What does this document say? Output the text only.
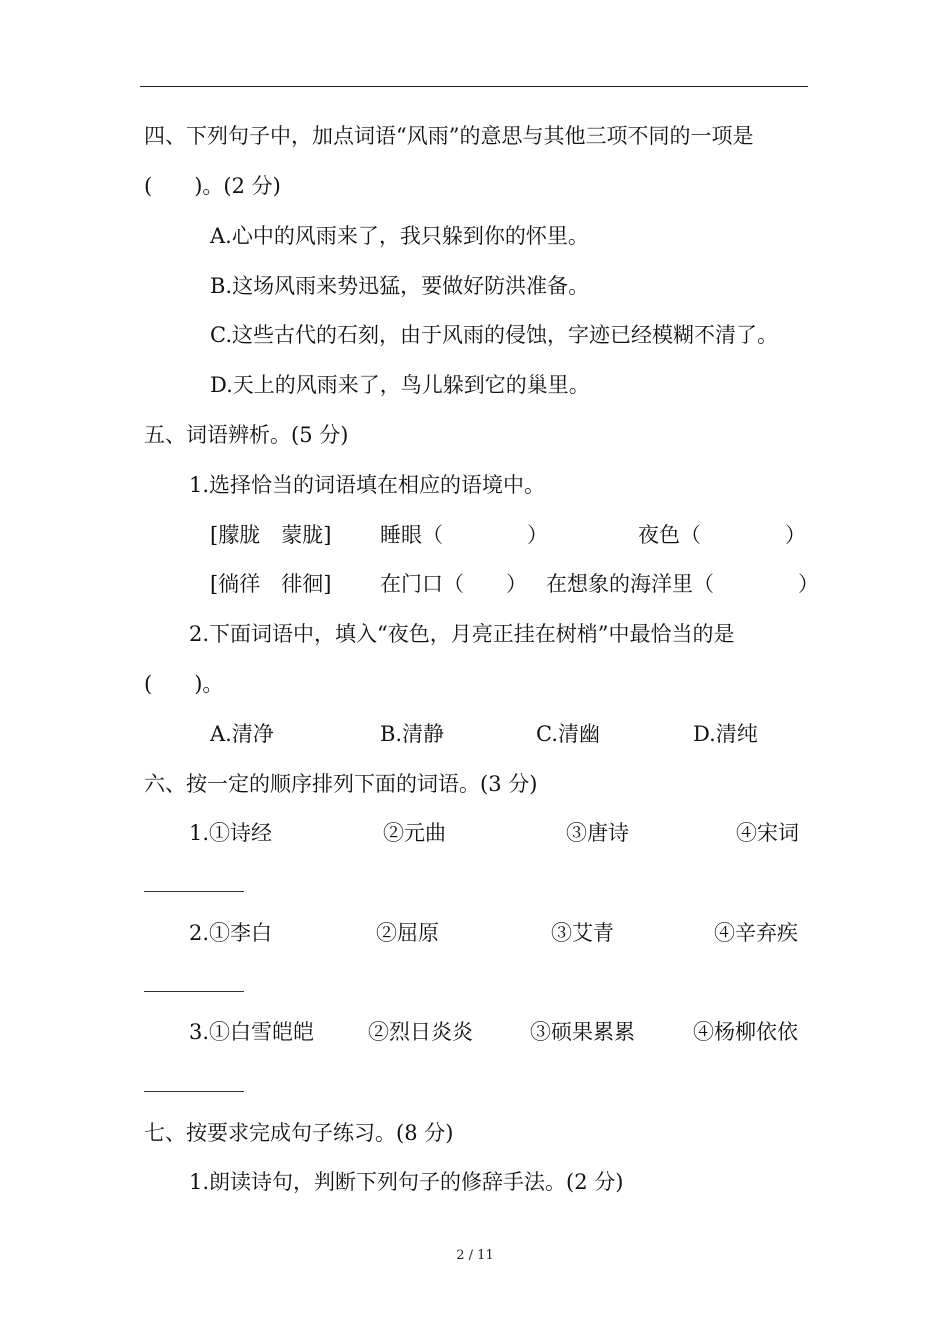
四、下列句子中，加点词语“风雨”的意思与其他三项不同的一项是
(　　)。(2 分)
A.心中的风雨来了，我只躲到你的怀里。
B.这场风雨来势迅猛，要做好防洪准备。
C.这些古代的石刻，由于风雨的侵蚀，字迹已经模糊不清了。
D.天上的风雨来了，鸟儿躲到它的巢里。
五、词语辨析。(5 分)
1.选择恰当的词语填在相应的语境中。
[朦胧　蒙胧] 睡眼（　　　　）	夜色（　　　　）
[徜徉　徘徊] 在门口（　　） 在想象的海洋里（　　　　）
2.下面词语中，填入“夜色，月亮正挂在树梢”中最恰当的是
(　　)。
A.清净	B.清静	C.清幽	D.清纯
六、按一定的顺序排列下面的词语。(3 分)
1.①诗经	②元曲	③唐诗	④宋词
2.①李白	②屈原	③艾青	④辛弃疾
3.①白雪皑皑	②烈日炎炎	③硕果累累	④杨柳依依
七、按要求完成句子练习。(8 分)
1.朗读诗句，判断下列句子的修辞手法。(2 分)
2 / 11
